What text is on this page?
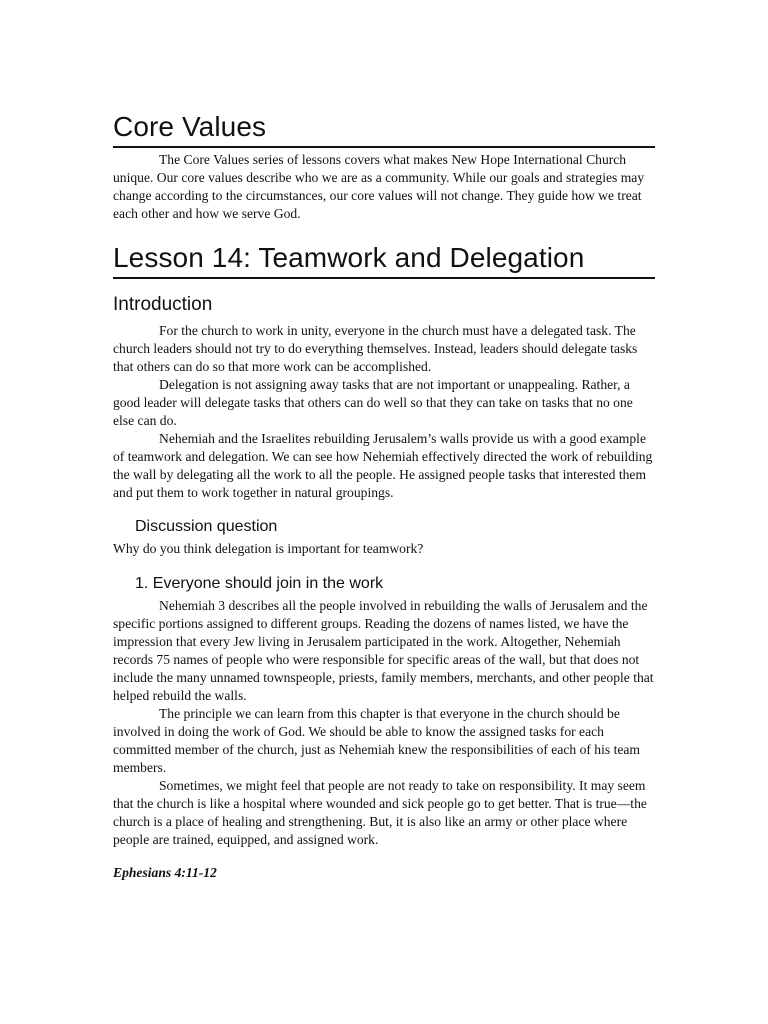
Core Values

The Core Values series of lessons covers what makes New Hope International Church unique. Our core values describe who we are as a community. While our goals and strategies may change according to the circumstances, our core values will not change. They guide how we treat each other and how we serve God.

Lesson 14: Teamwork and Delegation
Introduction

For the church to work in unity, everyone in the church must have a delegated task. The church leaders should not try to do everything themselves. Instead, leaders should delegate tasks that others can do so that more work can be accomplished.

Delegation is not assigning away tasks that are not important or unappealing. Rather, a good leader will delegate tasks that others can do well so that they can take on tasks that no one else can do.

Nehemiah and the Israelites rebuilding Jerusalem’s walls provide us with a good example of teamwork and delegation. We can see how Nehemiah effectively directed the work of rebuilding the wall by delegating all the work to all the people. He assigned people tasks that interested them and put them to work together in natural groupings.

Discussion question
Why do you think delegation is important for teamwork?
1. Everyone should join in the work

Nehemiah 3 describes all the people involved in rebuilding the walls of Jerusalem and the specific portions assigned to different groups. Reading the dozens of names listed, we have the impression that every Jew living in Jerusalem participated in the work. Altogether, Nehemiah records 75 names of people who were responsible for specific areas of the wall, but that does not include the many unnamed townspeople, priests, family members, merchants, and other people that helped rebuild the walls.

The principle we can learn from this chapter is that everyone in the church should be involved in doing the work of God. We should be able to know the assigned tasks for each committed member of the church, just as Nehemiah knew the responsibilities of each of his team members.

Sometimes, we might feel that people are not ready to take on responsibility. It may seem that the church is like a hospital where wounded and sick people go to get better. That is true—the church is a place of healing and strengthening. But, it is also like an army or other place where people are trained, equipped, and assigned work.

Ephesians 4:11-12
